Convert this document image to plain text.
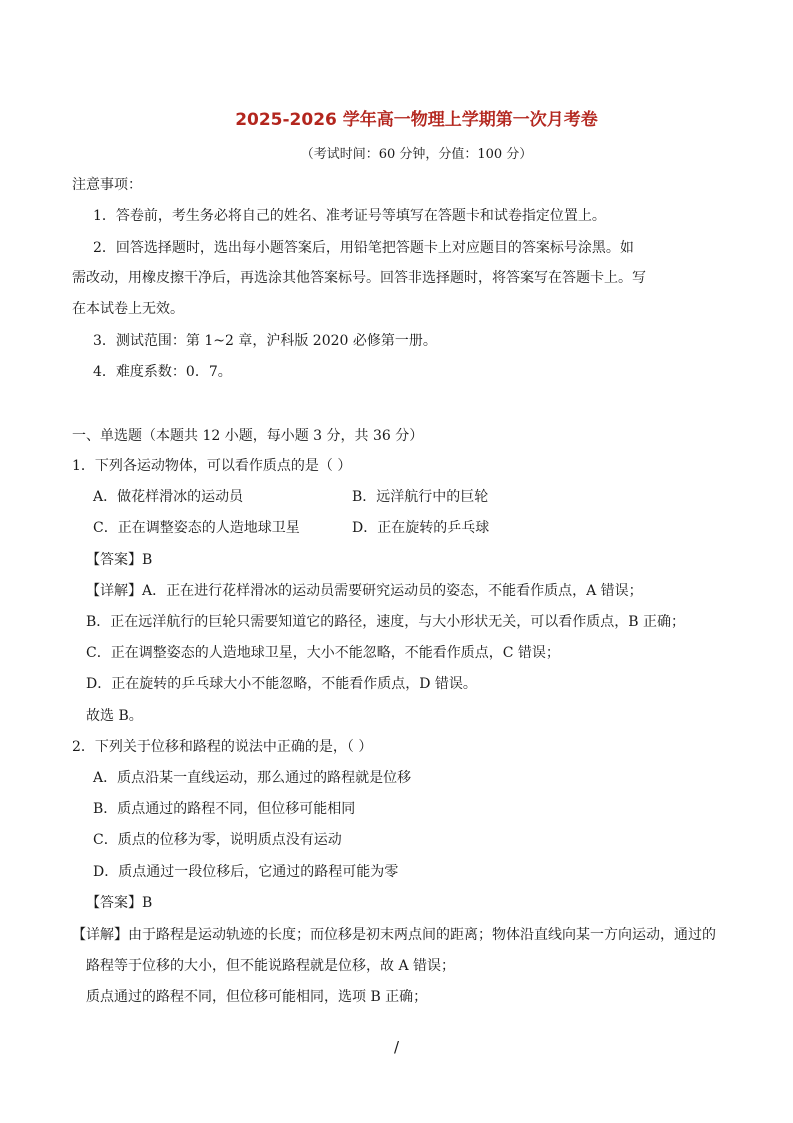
2025-2026 学年高一物理上学期第一次月考卷
（考试时间：60 分钟，分值：100 分）
注意事项：
1．答卷前，考生务必将自己的姓名、准考证号等填写在答题卡和试卷指定位置上。
2．回答选择题时，选出每小题答案后，用铅笔把答题卡上对应题目的答案标号涂黑。如
需改动，用橡皮擦干净后，再选涂其他答案标号。回答非选择题时，将答案写在答题卡上。写
在本试卷上无效。
3．测试范围：第 1~2 章，沪科版 2020 必修第一册。
4．难度系数：0．7。
一、单选题（本题共 12 小题，每小题 3 分，共 36 分）
1．下列各运动物体，可以看作质点的是（ ）
A．做花样滑冰的运动员	B．远洋航行中的巨轮
C．正在调整姿态的人造地球卫星	D．正在旋转的乒乓球
【答案】B
【详解】A．正在进行花样滑冰的运动员需要研究运动员的姿态，不能看作质点，A 错误；
B．正在远洋航行的巨轮只需要知道它的路径，速度，与大小形状无关，可以看作质点，B 正确；
C．正在调整姿态的人造地球卫星，大小不能忽略，不能看作质点，C 错误；
D．正在旋转的乒乓球大小不能忽略，不能看作质点，D 错误。
故选 B。
2．下列关于位移和路程的说法中正确的是，（ ）
A．质点沿某一直线运动，那么通过的路程就是位移
B．质点通过的路程不同，但位移可能相同
C．质点的位移为零，说明质点没有运动
D．质点通过一段位移后，它通过的路程可能为零
【答案】B
【详解】由于路程是运动轨迹的长度；而位移是初末两点间的距离；物体沿直线向某一方向运动，通过的
路程等于位移的大小，但不能说路程就是位移，故 A 错误；
质点通过的路程不同，但位移可能相同，选项 B 正确；
/
